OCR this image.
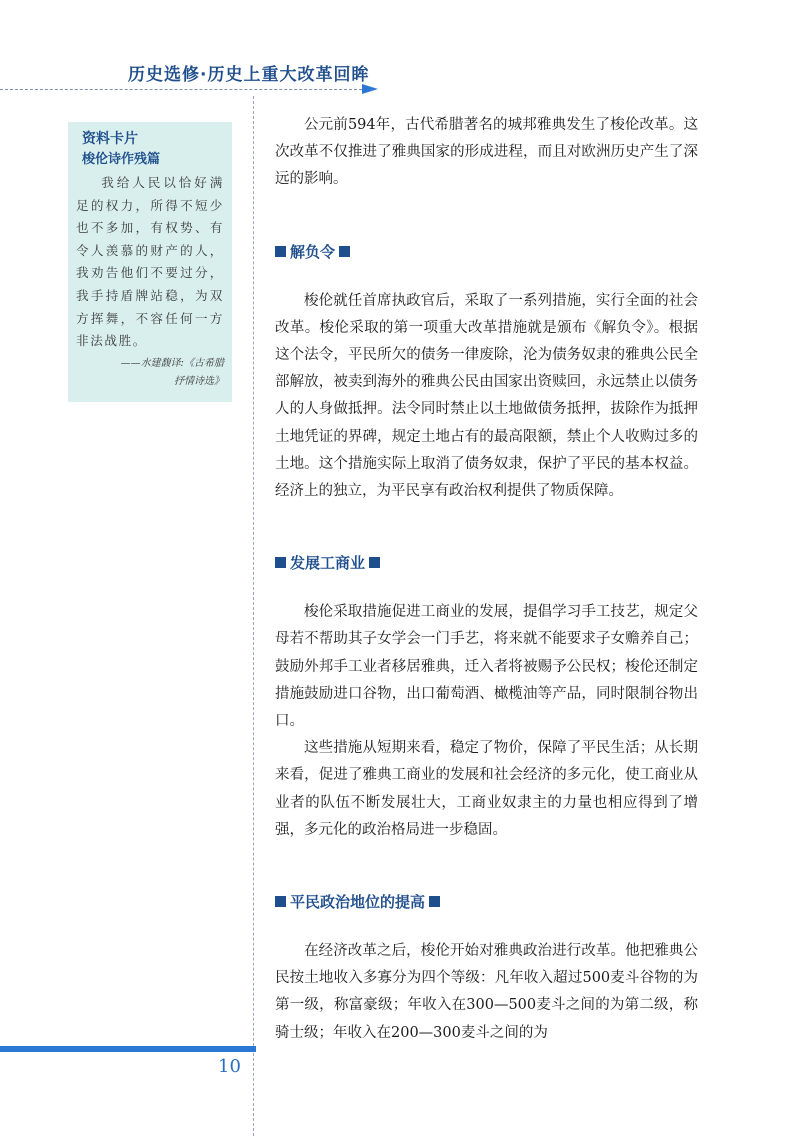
历史选修·历史上重大改革回眸
资料卡片
梭伦诗作残篇

我给人民以恰好满足的权力，所得不短少也不多加，有权势、有令人羡慕的财产的人，我劝告他们不要过分，我手持盾牌站稳，为双方挥舞，不容任何一方非法战胜。

——水建馥译:《古希腊
抒情诗选》

公元前594年，古代希腊著名的城邦雅典发生了梭伦改革。这次改革不仅推进了雅典国家的形成进程，而且对欧洲历史产生了深远的影响。

解负令

梭伦就任首席执政官后，采取了一系列措施，实行全面的社会改革。梭伦采取的第一项重大改革措施就是颁布《解负令》。根据这个法令，平民所欠的债务一律废除，沦为债务奴隶的雅典公民全部解放，被卖到海外的雅典公民由国家出资赎回，永远禁止以债务人的人身做抵押。法令同时禁止以土地做债务抵押，拔除作为抵押土地凭证的界碑，规定土地占有的最高限额，禁止个人收购过多的土地。这个措施实际上取消了债务奴隶，保护了平民的基本权益。经济上的独立，为平民享有政治权利提供了物质保障。

发展工商业

梭伦采取措施促进工商业的发展，提倡学习手工技艺，规定父母若不帮助其子女学会一门手艺，将来就不能要求子女赡养自己；鼓励外邦手工业者移居雅典，迁入者将被赐予公民权；梭伦还制定措施鼓励进口谷物，出口葡萄酒、橄榄油等产品，同时限制谷物出口。

这些措施从短期来看，稳定了物价，保障了平民生活；从长期来看，促进了雅典工商业的发展和社会经济的多元化，使工商业从业者的队伍不断发展壮大，工商业奴隶主的力量也相应得到了增强，多元化的政治格局进一步稳固。

平民政治地位的提高

在经济改革之后，梭伦开始对雅典政治进行改革。他把雅典公民按土地收入多寡分为四个等级：凡年收入超过500麦斗谷物的为第一级，称富豪级；年收入在300—500麦斗之间的为第二级，称骑士级；年收入在200—300麦斗之间的为

10
